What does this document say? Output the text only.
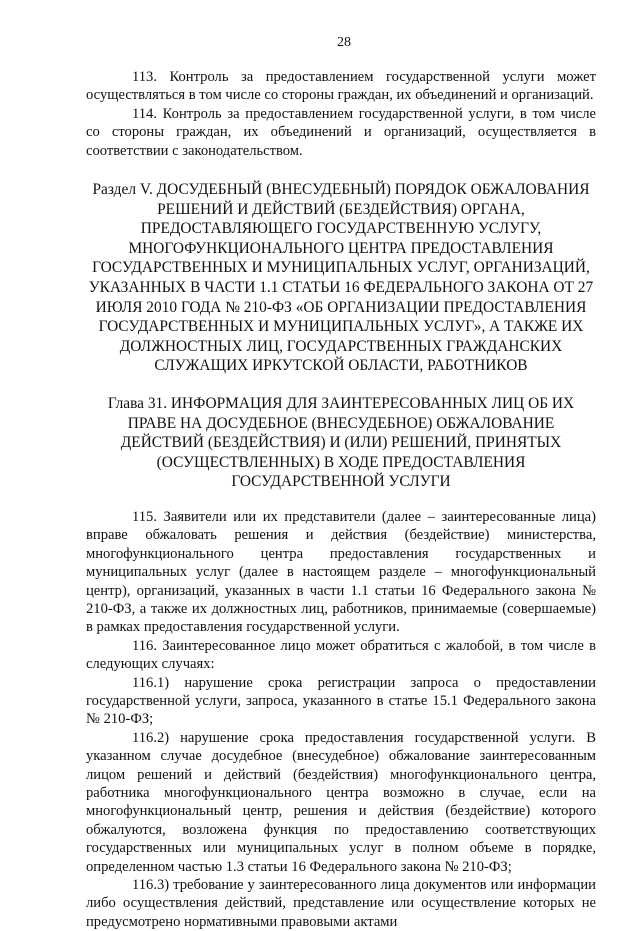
28

113. Контроль за предоставлением государственной услуги может осуществляться в том числе со стороны граждан, их объединений и организаций.

114. Контроль за предоставлением государственной услуги, в том числе со стороны граждан, их объединений и организаций, осуществляется в соответствии с законодательством.

Раздел V. ДОСУДЕБНЫЙ (ВНЕСУДЕБНЫЙ) ПОРЯДОК ОБЖАЛОВАНИЯ РЕШЕНИЙ И ДЕЙСТВИЙ (БЕЗДЕЙСТВИЯ) ОРГАНА, ПРЕДОСТАВЛЯЮЩЕГО ГОСУДАРСТВЕННУЮ УСЛУГУ, МНОГОФУНКЦИОНАЛЬНОГО ЦЕНТРА ПРЕДОСТАВЛЕНИЯ ГОСУДАРСТВЕННЫХ И МУНИЦИПАЛЬНЫХ УСЛУГ, ОРГАНИЗАЦИЙ, УКАЗАННЫХ В ЧАСТИ 1.1 СТАТЬИ 16 ФЕДЕРАЛЬНОГО ЗАКОНА ОТ 27 ИЮЛЯ 2010 ГОДА № 210-ФЗ «ОБ ОРГАНИЗАЦИИ ПРЕДОСТАВЛЕНИЯ ГОСУДАРСТВЕННЫХ И МУНИЦИПАЛЬНЫХ УСЛУГ», А ТАКЖЕ ИХ ДОЛЖНОСТНЫХ ЛИЦ, ГОСУДАРСТВЕННЫХ ГРАЖДАНСКИХ СЛУЖАЩИХ ИРКУТСКОЙ ОБЛАСТИ, РАБОТНИКОВ

Глава 31. ИНФОРМАЦИЯ ДЛЯ ЗАИНТЕРЕСОВАННЫХ ЛИЦ ОБ ИХ ПРАВЕ НА ДОСУДЕБНОЕ (ВНЕСУДЕБНОЕ) ОБЖАЛОВАНИЕ ДЕЙСТВИЙ (БЕЗДЕЙСТВИЯ) И (ИЛИ) РЕШЕНИЙ, ПРИНЯТЫХ (ОСУЩЕСТВЛЕННЫХ) В ХОДЕ ПРЕДОСТАВЛЕНИЯ ГОСУДАРСТВЕННОЙ УСЛУГИ

115. Заявители или их представители (далее – заинтересованные лица) вправе обжаловать решения и действия (бездействие) министерства, многофункционального центра предоставления государственных и муниципальных услуг (далее в настоящем разделе – многофункциональный центр), организаций, указанных в части 1.1 статьи 16 Федерального закона № 210-ФЗ, а также их должностных лиц, работников, принимаемые (совершаемые) в рамках предоставления государственной услуги.

116. Заинтересованное лицо может обратиться с жалобой, в том числе в следующих случаях:

116.1) нарушение срока регистрации запроса о предоставлении государственной услуги, запроса, указанного в статье 15.1 Федерального закона № 210-ФЗ;

116.2) нарушение срока предоставления государственной услуги. В указанном случае досудебное (внесудебное) обжалование заинтересованным лицом решений и действий (бездействия) многофункционального центра, работника многофункционального центра возможно в случае, если на многофункциональный центр, решения и действия (бездействие) которого обжалуются, возложена функция по предоставлению соответствующих государственных или муниципальных услуг в полном объеме в порядке, определенном частью 1.3 статьи 16 Федерального закона № 210-ФЗ;

116.3) требование у заинтересованного лица документов или информации либо осуществления действий, представление или осуществление которых не предусмотрено нормативными правовыми актами
